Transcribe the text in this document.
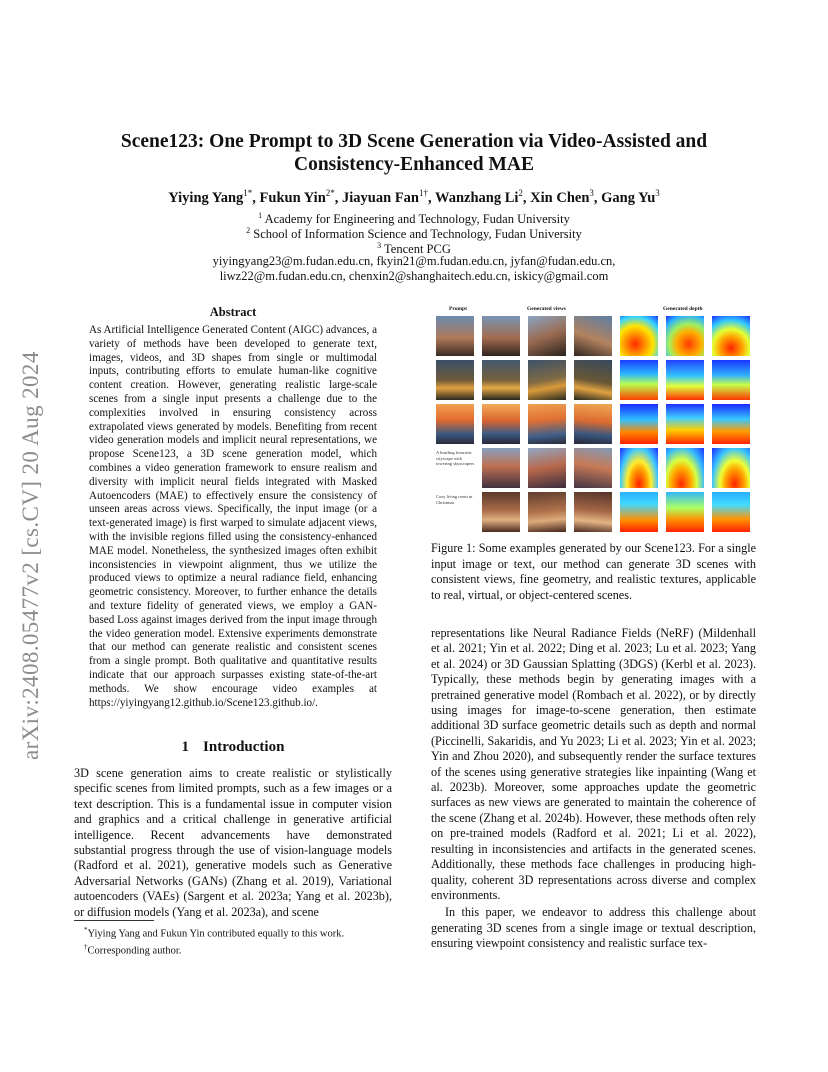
arXiv:2408.05477v2 [cs.CV] 20 Aug 2024
Scene123: One Prompt to 3D Scene Generation via Video-Assisted and
Consistency-Enhanced MAE
Yiying Yang$^{1*}$, Fukun Yin$^{2*}$, Jiayuan Fan$^{1\dagger}$, Wanzhang Li$^2$, Xin Chen$^3$, Gang Yu$^3$
$^1$ Academy for Engineering and Technology, Fudan University
$^2$ School of Information Science and Technology, Fudan University
$^3$ Tencent PCG
yiyingyang23@m.fudan.edu.cn, fkyin21@m.fudan.edu.cn, jyfan@fudan.edu.cn,
liwz22@m.fudan.edu.cn, chenxin2@shanghaitech.edu.cn, iskicy@gmail.com
Abstract
As Artificial Intelligence Generated Content (AIGC) advances, a variety of methods have been developed to generate text, images, videos, and 3D shapes from single or multimodal inputs, contributing efforts to emulate human-like cognitive content creation. However, generating realistic large-scale scenes from a single input presents a challenge due to the complexities involved in ensuring consistency across extrapolated views generated by models. Benefiting from recent video generation models and implicit neural representations, we propose Scene123, a 3D scene generation model, which combines a video generation framework to ensure realism and diversity with implicit neural fields integrated with Masked Autoencoders (MAE) to effectively ensure the consistency of unseen areas across views. Specifically, the input image (or a text-generated image) is first warped to simulate adjacent views, with the invisible regions filled using the consistency-enhanced MAE model. Nonetheless, the synthesized images often exhibit inconsistencies in viewpoint alignment, thus we utilize the produced views to optimize a neural radiance field, enhancing geometric consistency. Moreover, to further enhance the details and texture fidelity of generated views, we employ a GAN-based Loss against images derived from the input image through the video generation model. Extensive experiments demonstrate that our method can generate realistic and consistent scenes from a single prompt. Both qualitative and quantitative results indicate that our approach surpasses existing state-of-the-art methods. We show encourage video examples at https://yiyingyang12.github.io/Scene123.github.io/.
1 Introduction
3D scene generation aims to create realistic or stylistically specific scenes from limited prompts, such as a few images or a text description. This is a fundamental issue in computer vision and graphics and a critical challenge in generative artificial intelligence. Recent advancements have demonstrated substantial progress through the use of vision-language models (Radford et al. 2021), generative models such as Generative Adversarial Networks (GANs) (Zhang et al. 2019), Variational autoencoders (VAEs) (Sargent et al. 2023a; Yang et al. 2023b), or diffusion models (Yang et al. 2023a), and scene

*Yiying Yang and Fukun Yin contributed equally to this work.

†Corresponding author.

Prompt	Generated views	Generated depth
A bustling futuristic cityscape with towering skyscrapers
Cozy living room in Christmas
Figure 1: Some examples generated by our Scene123. For a single input image or text, our method can generate 3D scenes with consistent views, fine geometry, and realistic textures, applicable to real, virtual, or object-centered scenes.

representations like Neural Radiance Fields (NeRF) (Mildenhall et al. 2021; Yin et al. 2022; Ding et al. 2023; Lu et al. 2023; Yang et al. 2024) or 3D Gaussian Splatting (3DGS) (Kerbl et al. 2023). Typically, these methods begin by generating images with a pretrained generative model (Rombach et al. 2022), or by directly using images for image-to-scene generation, then estimate additional 3D surface geometric details such as depth and normal (Piccinelli, Sakaridis, and Yu 2023; Li et al. 2023; Yin et al. 2023; Yin and Zhou 2020), and subsequently render the surface textures of the scenes using generative strategies like inpainting (Wang et al. 2023b). Moreover, some approaches update the geometric surfaces as new views are generated to maintain the coherence of the scene (Zhang et al. 2024b). However, these methods often rely on pre-trained models (Radford et al. 2021; Li et al. 2022), resulting in inconsistencies and artifacts in the generated scenes. Additionally, these methods face challenges in producing high-quality, coherent 3D representations across diverse and complex environments.

In this paper, we endeavor to address this challenge about generating 3D scenes from a single image or textual description, ensuring viewpoint consistency and realistic surface tex-
